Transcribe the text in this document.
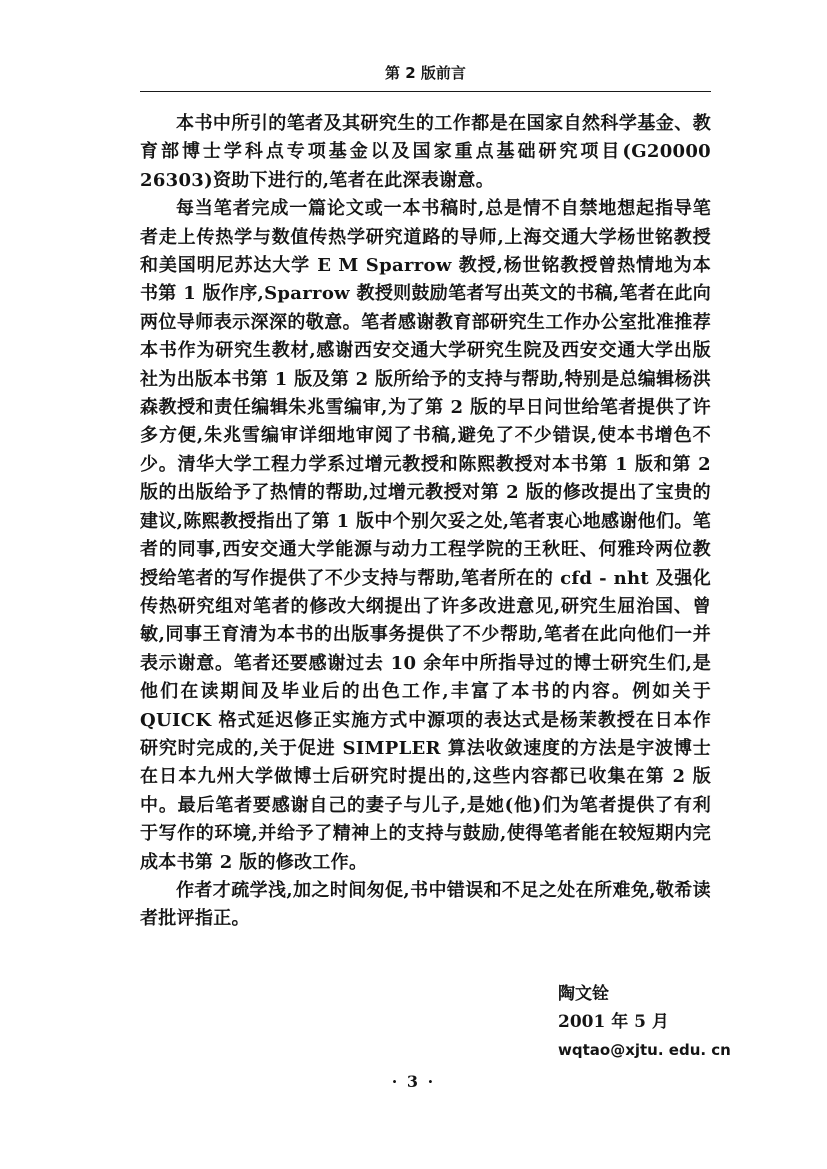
第 2 版前言

本书中所引的笔者及其研究生的工作都是在国家自然科学基金、教育部博士学科点专项基金以及国家重点基础研究项目(G20000 26303)资助下进行的,笔者在此深表谢意。

每当笔者完成一篇论文或一本书稿时,总是情不自禁地想起指导笔者走上传热学与数值传热学研究道路的导师,上海交通大学杨世铭教授和美国明尼苏达大学 E M Sparrow 教授,杨世铭教授曾热情地为本书第 1 版作序,Sparrow 教授则鼓励笔者写出英文的书稿,笔者在此向两位导师表示深深的敬意。笔者感谢教育部研究生工作办公室批准推荐本书作为研究生教材,感谢西安交通大学研究生院及西安交通大学出版社为出版本书第 1 版及第 2 版所给予的支持与帮助,特别是总编辑杨洪森教授和责任编辑朱兆雪编审,为了第 2 版的早日问世给笔者提供了许多方便,朱兆雪编审详细地审阅了书稿,避免了不少错误,使本书增色不少。清华大学工程力学系过增元教授和陈熙教授对本书第 1 版和第 2 版的出版给予了热情的帮助,过增元教授对第 2 版的修改提出了宝贵的建议,陈熙教授指出了第 1 版中个别欠妥之处,笔者衷心地感谢他们。笔者的同事,西安交通大学能源与动力工程学院的王秋旺、何雅玲两位教授给笔者的写作提供了不少支持与帮助,笔者所在的 cfd - nht 及强化传热研究组对笔者的修改大纲提出了许多改进意见,研究生屈治国、曾敏,同事王育清为本书的出版事务提供了不少帮助,笔者在此向他们一并表示谢意。笔者还要感谢过去 10 余年中所指导过的博士研究生们,是他们在读期间及毕业后的出色工作,丰富了本书的内容。例如关于 QUICK 格式延迟修正实施方式中源项的表达式是杨茉教授在日本作研究时完成的,关于促进 SIMPLER 算法收敛速度的方法是宇波博士在日本九州大学做博士后研究时提出的,这些内容都已收集在第 2 版中。最后笔者要感谢自己的妻子与儿子,是她(他)们为笔者提供了有利于写作的环境,并给予了精神上的支持与鼓励,使得笔者能在较短期内完成本书第 2 版的修改工作。

作者才疏学浅,加之时间匆促,书中错误和不足之处在所难免,敬希读者批评指正。

陶文铨
2001 年 5 月
wqtao@xjtu. edu. cn
· 3 ·
